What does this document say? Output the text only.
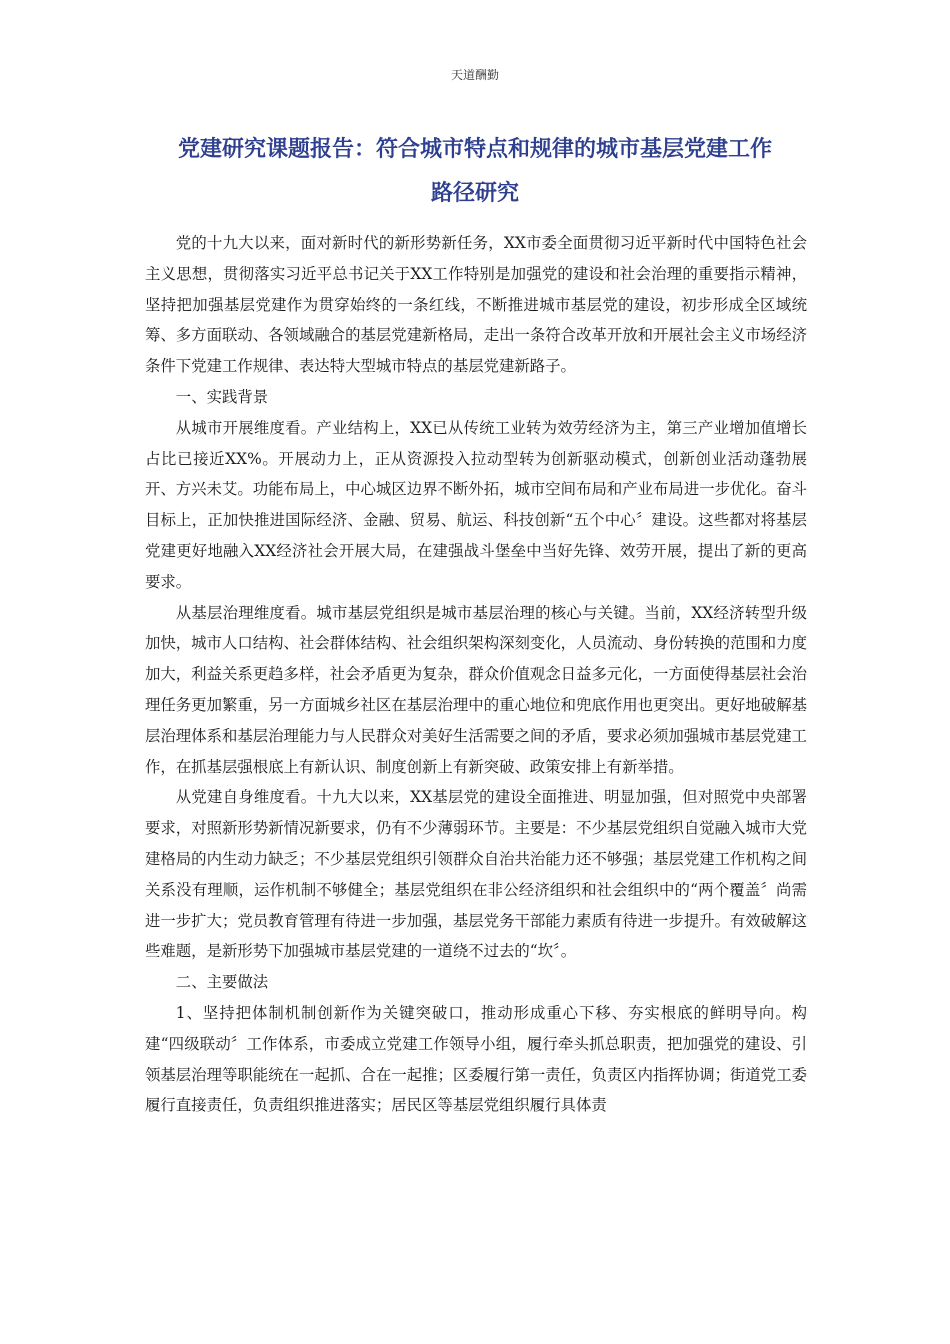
天道酬勤
党建研究课题报告：符合城市特点和规律的城市基层党建工作
路径研究

党的十九大以来，面对新时代的新形势新任务，XX市委全面贯彻习近平新时代中国特色社会主义思想，贯彻落实习近平总书记关于XX工作特别是加强党的建设和社会治理的重要指示精神，坚持把加强基层党建作为贯穿始终的一条红线，不断推进城市基层党的建设，初步形成全区域统筹、多方面联动、各领域融合的基层党建新格局，走出一条符合改革开放和开展社会主义市场经济条件下党建工作规律、表达特大型城市特点的基层党建新路子。

一、实践背景

从城市开展维度看。产业结构上，XX已从传统工业转为效劳经济为主，第三产业增加值增长占比已接近XX%。开展动力上，正从资源投入拉动型转为创新驱动模式，创新创业活动蓬勃展开、方兴未艾。功能布局上，中心城区边界不断外拓，城市空间布局和产业布局进一步优化。奋斗目标上，正加快推进国际经济、金融、贸易、航运、科技创新“五个中心〞建设。这些都对将基层党建更好地融入XX经济社会开展大局，在建强战斗堡垒中当好先锋、效劳开展，提出了新的更高要求。

从基层治理维度看。城市基层党组织是城市基层治理的核心与关键。当前，XX经济转型升级加快，城市人口结构、社会群体结构、社会组织架构深刻变化，人员流动、身份转换的范围和力度加大，利益关系更趋多样，社会矛盾更为复杂，群众价值观念日益多元化，一方面使得基层社会治理任务更加繁重，另一方面城乡社区在基层治理中的重心地位和兜底作用也更突出。更好地破解基层治理体系和基层治理能力与人民群众对美好生活需要之间的矛盾，要求必须加强城市基层党建工作，在抓基层强根底上有新认识、制度创新上有新突破、政策安排上有新举措。

从党建自身维度看。十九大以来，XX基层党的建设全面推进、明显加强，但对照党中央部署要求，对照新形势新情况新要求，仍有不少薄弱环节。主要是：不少基层党组织自觉融入城市大党建格局的内生动力缺乏；不少基层党组织引领群众自治共治能力还不够强；基层党建工作机构之间关系没有理顺，运作机制不够健全；基层党组织在非公经济组织和社会组织中的“两个覆盖〞尚需进一步扩大；党员教育管理有待进一步加强，基层党务干部能力素质有待进一步提升。有效破解这些难题，是新形势下加强城市基层党建的一道绕不过去的“坎〞。

二、主要做法

1、坚持把体制机制创新作为关键突破口，推动形成重心下移、夯实根底的鲜明导向。构建“四级联动〞工作体系，市委成立党建工作领导小组，履行牵头抓总职责，把加强党的建设、引领基层治理等职能统在一起抓、合在一起推；区委履行第一责任，负责区内指挥协调；街道党工委履行直接责任，负责组织推进落实；居民区等基层党组织履行具体责
